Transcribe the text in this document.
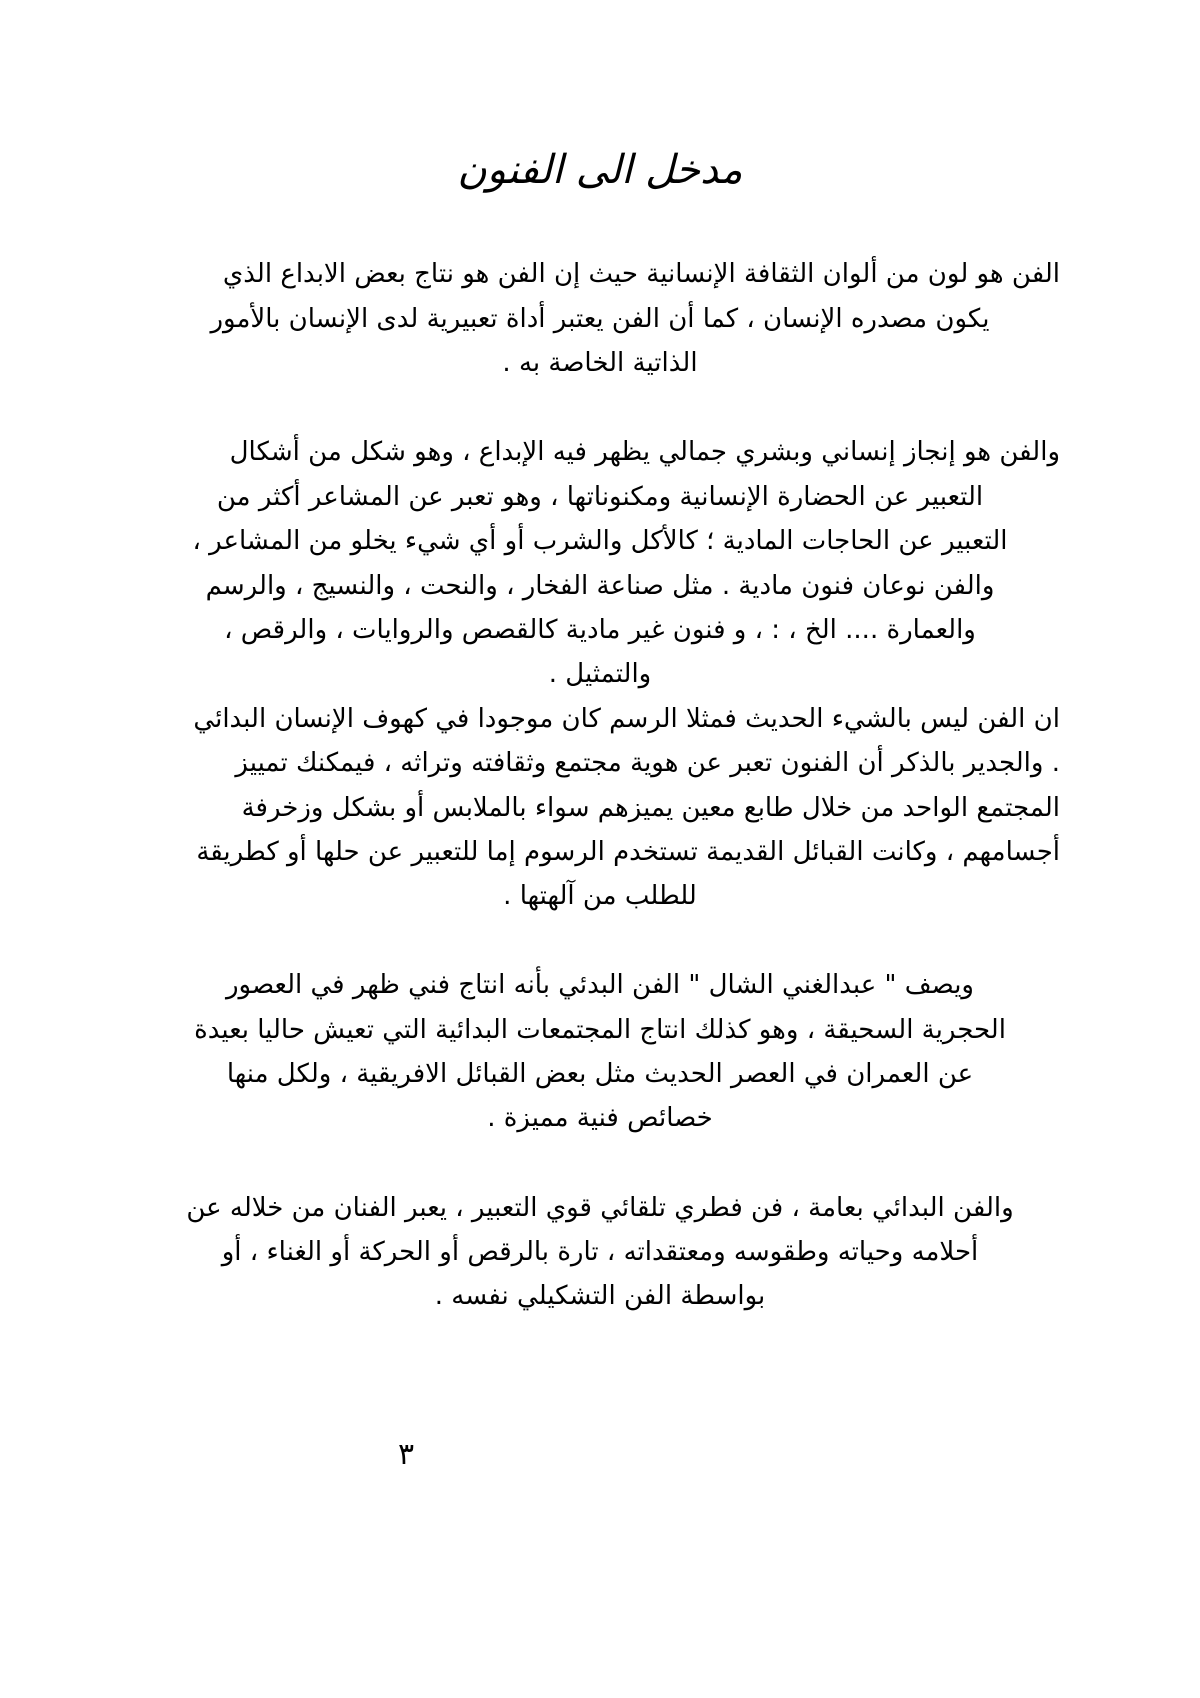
مدخل الى الفنون
الفن هو لون من ألوان الثقافة الإنسانية حيث إن الفن هو نتاج بعض الابداع الذي
يكون مصدره الإنسان ، كما أن الفن يعتبر أداة تعبيرية لدى الإنسان بالأمور
الذاتية الخاصة به .
والفن هو إنجاز إنساني وبشري جمالي يظهر فيه الإبداع ، وهو شكل من أشكال
التعبير عن الحضارة الإنسانية ومكنوناتها ، وهو تعبر عن المشاعر أكثر من
التعبير عن الحاجات المادية ؛ كالأكل والشرب أو أي شيء يخلو من المشاعر ،
والفن نوعان فنون مادية . مثل صناعة الفخار ، والنحت ، والنسيج ، والرسم
والعمارة .... الخ ، : ، و فنون غير مادية كالقصص والروايات ، والرقص ،
والتمثيل .
ان الفن ليس بالشيء الحديث فمثلا الرسم كان موجودا في كهوف الإنسان البدائي
. والجدير بالذكر أن الفنون تعبر عن هوية مجتمع وثقافته وتراثه ، فيمكنك تمييز
المجتمع الواحد من خلال طابع معين يميزهم سواء بالملابس أو بشكل وزخرفة
أجسامهم ، وكانت القبائل القديمة تستخدم الرسوم إما للتعبير عن حلها أو كطريقة
للطلب من آلهتها .
ويصف " عبدالغني الشال " الفن البدئي بأنه انتاج فني ظهر في العصور
الحجرية السحيقة ، وهو كذلك انتاج المجتمعات البدائية التي تعيش حاليا بعيدة
عن العمران في العصر الحديث مثل بعض القبائل الافريقية ، ولكل منها
خصائص فنية مميزة .
والفن البدائي بعامة ، فن فطري تلقائي قوي التعبير ، يعبر الفنان من خلاله عن
أحلامه وحياته وطقوسه ومعتقداته ، تارة بالرقص أو الحركة أو الغناء ، أو
بواسطة الفن التشكيلي نفسه .
٣
